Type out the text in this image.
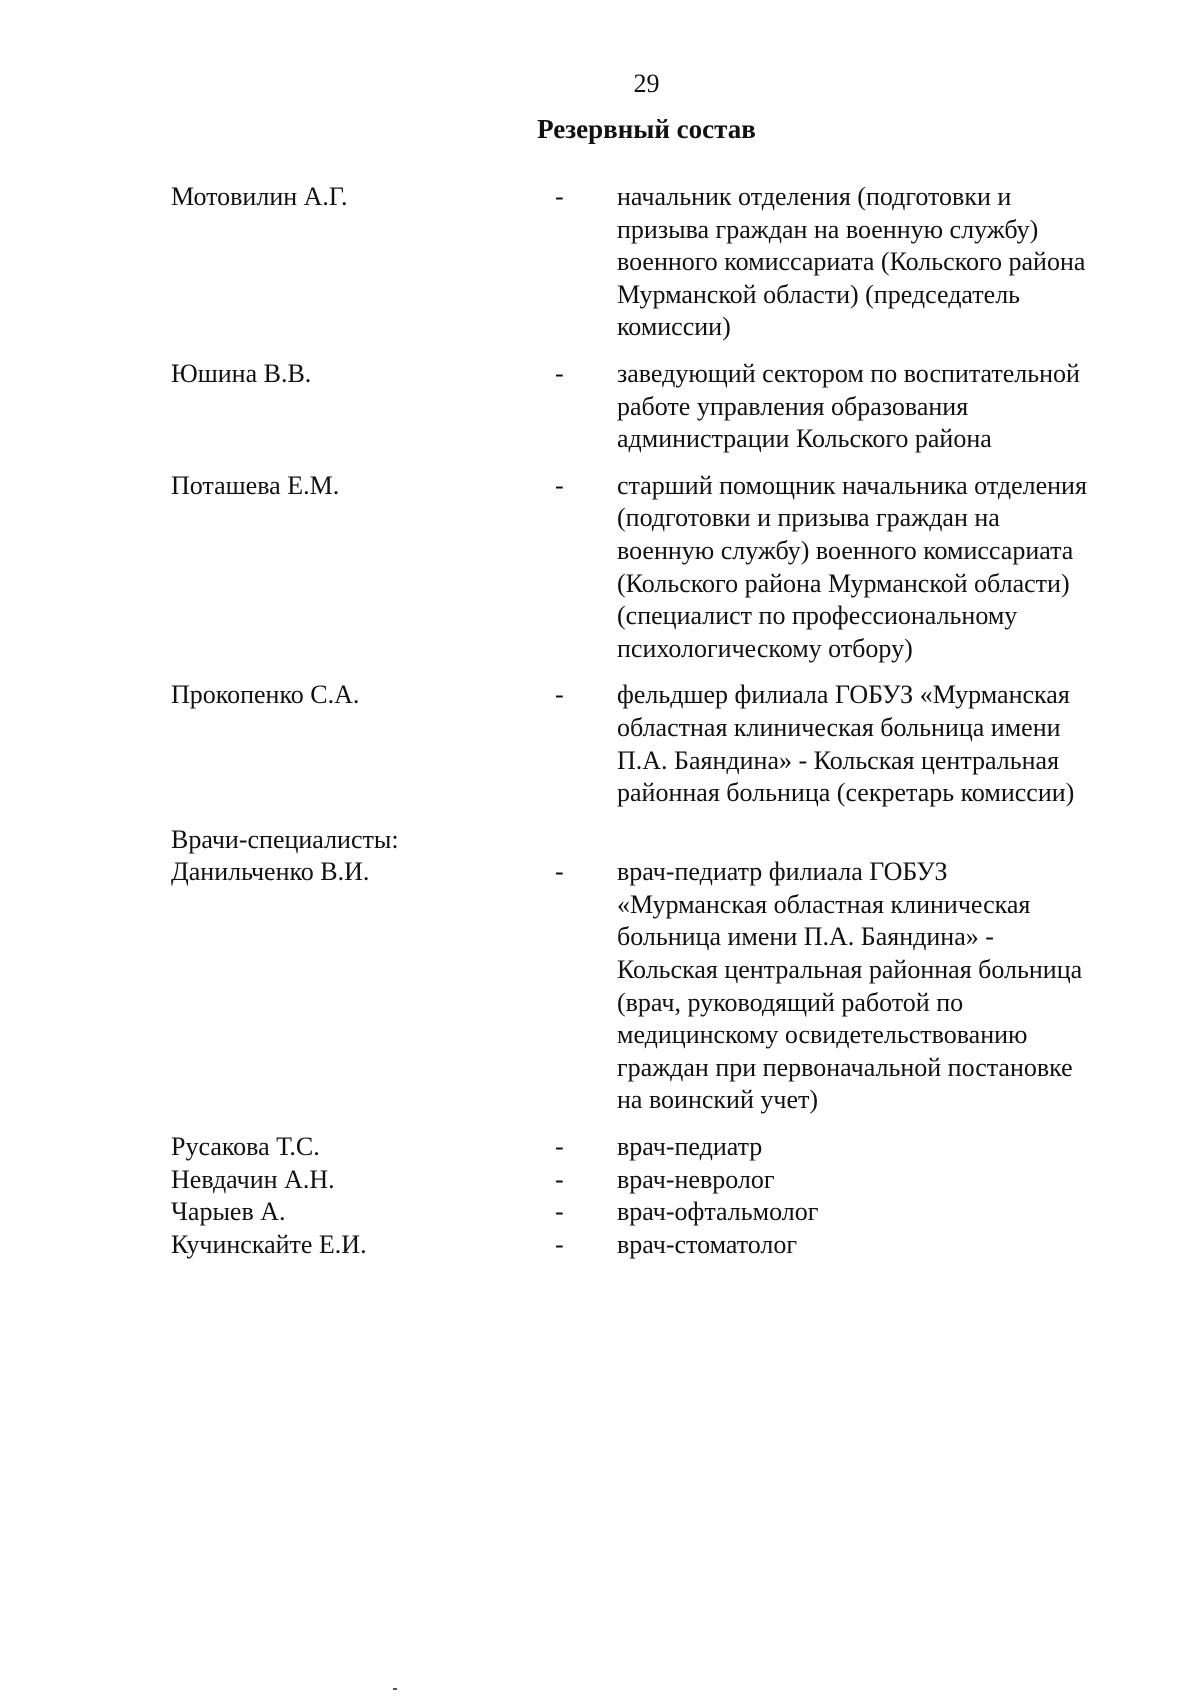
29
Резервный состав
Мотовилин А.Г.	- начальник отделения (подготовки и
призыва граждан на военную службу)
военного комиссариата (Кольского района
Мурманской области) (председатель
комиссии)
Юшина В.В.	- заведующий сектором по воспитательной
работе управления образования
администрации Кольского района
Поташева Е.М.	- старший помощник начальника отделения
(подготовки и призыва граждан на
военную службу) военного комиссариата
(Кольского района Мурманской области)
(специалист по профессиональному
психологическому отбору)
Прокопенко С.А.	- фельдшер филиала ГОБУЗ «Мурманская
областная клиническая больница имени
П.А. Баяндина» - Кольская центральная
районная больница (секретарь комиссии)
Врачи-специалисты:
Данильченко В.И.	- врач-педиатр филиала ГОБУЗ
«Мурманская областная клиническая
больница имени П.А. Баяндина» -
Кольская центральная районная больница
(врач, руководящий работой по
медицинскому освидетельствованию
граждан при первоначальной постановке
на воинский учет)
Русакова Т.С.	- врач-педиатр
Невдачин А.Н.	- врач-невролог
Чарыев А.	- врач-офтальмолог
Кучинскайте Е.И.	- врач-стоматолог
